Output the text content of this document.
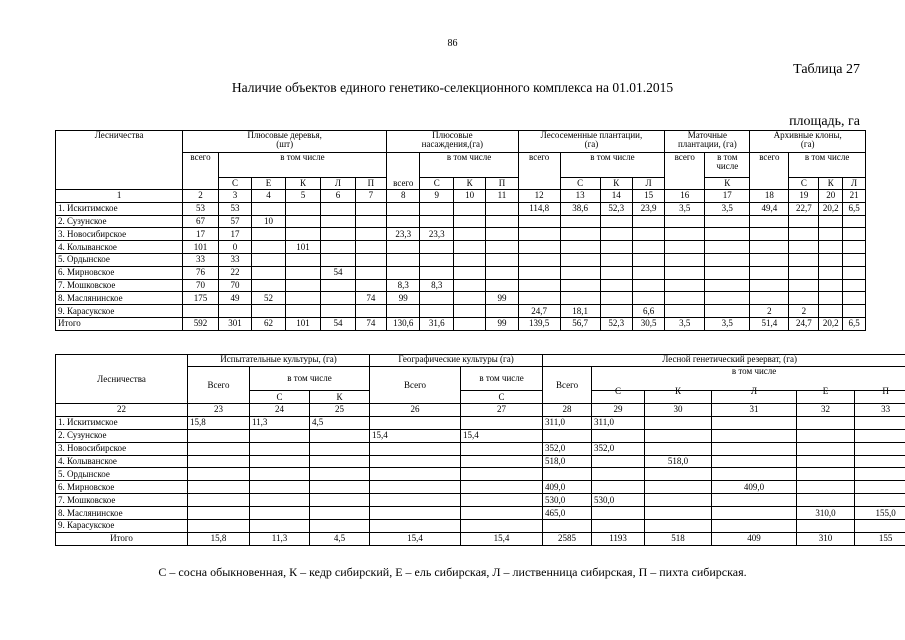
86
Таблица 27
Наличие объектов единого генетико-селекционного комплекса на 01.01.2015
площадь, га
Лесничества	Плюсовые деревья,
(шт)						Плюсовые
насаждения,(га)				Лесосеменные плантации,
(га)				Маточные
плантации, (га)		Архивные клоны,
(га)			
	всего	в том числе						в том числе			всего	в том числе			всего	в том
числе	всего	в том числе		
		С	Е	К	Л	П	всего	С	К	П		С	К	Л		К		С	К	Л
1	2	3	4	5	6	7	8	9	10	11	12	13	14	15	16	17	18	19	20	21
1. Искитимское	53	53									114,8	38,6	52,3	23,9	3,5	3,5	49,4	22,7	20,2	6,5
2. Сузунское	67	57	10																	
3. Новосибирское	17	17					23,3	23,3												
4. Колыванское	101	0		101																
5. Ордынское	33	33																		
6. Мирновское	76	22			54															
7. Мошковское	70	70					8,3	8,3												
8. Маслянинское	175	49	52			74	99			99										
9. Карасукское											24,7	18,1		6,6			2	2		
Итого	592	301	62	101	54	74	130,6	31,6		99	139,5	56,7	52,3	30,5	3,5	3,5	51,4	24,7	20,2	6,5
Лесничества	Испытательные культуры, (га)			Географические культуры (га)		Лесной генетический резерват, (га)					
	Всего	в том числе		Всего	в том числе	Всего	в том числе				
		С	К		С		С	К	Л	Е	П
22	23	24	25	26	27	28	29	30	31	32	33
1. Искитимское	15,8	11,3	4,5			311,0	311,0				
2. Сузунское				15,4	15,4						
3. Новосибирское						352,0	352,0				
4. Колыванское						518,0		518,0			
5. Ордынское											
6. Мирновское						409,0			409,0		
7. Мошковское						530,0	530,0				
8. Маслянинское						465,0				310,0	155,0
9. Карасукское											
Итого	15,8	11,3	4,5	15,4	15,4	2585	1193	518	409	310	155
С – сосна обыкновенная, К – кедр сибирский, Е – ель сибирская, Л – лиственница сибирская, П – пихта сибирская.
